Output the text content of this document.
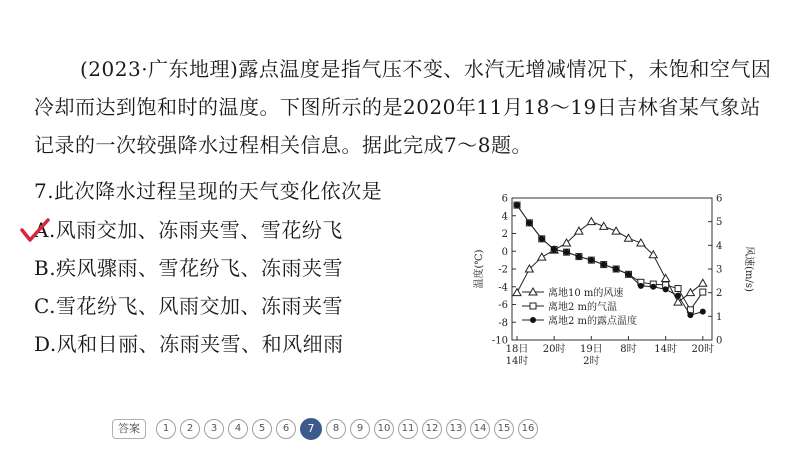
(2023·广东地理)露点温度是指气压不变、水汽无增减情况下，未饱和空气因冷却而达到饱和时的温度。下图所示的是2020年11月18～19日吉林省某气象站记录的一次较强降水过程相关信息。据此完成7～8题。

7.此次降水过程呈现的天气变化依次是

A.风雨交加、冻雨夹雪、雪花纷飞
B.疾风骤雨、雪花纷飞、冻雨夹雪
C.雪花纷飞、风雨交加、冻雨夹雪
D.风和日丽、冻雨夹雪、和风细雨
6
4
2
0
-2
-4
-6
-8
-10
6
5
4
3
2
1
0
18日
14时
20时 19日
2时
8时 14时 20时
温度(℃)	风速(m/s)
离地10 m的风速
离地2 m的气温
离地2 m的露点温度
答案	1	2	3	4	5	6	7	8	9	10	11	12	13	14	15	16
